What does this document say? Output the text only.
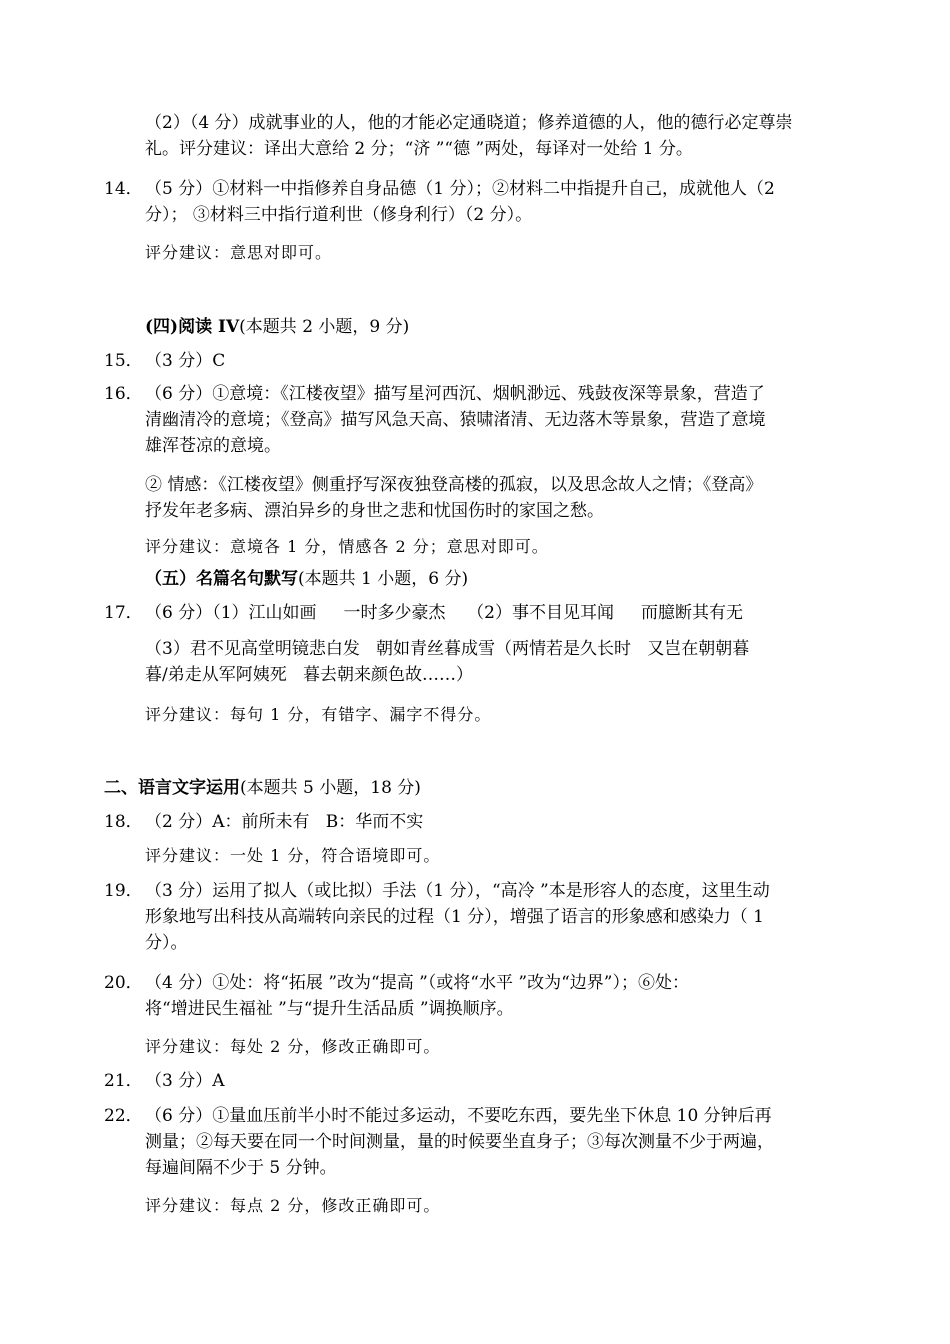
（2）（4 分）成就事业的人，他的才能必定通晓道；修养道德的人，他的德行必定尊崇
礼。评分建议：译出大意给 2 分；“济 ”“德 ”两处，每译对一处给 1 分。
14． （5 分）①材料一中指修养自身品德（1 分）；②材料二中指提升自己，成就他人（2
分）； ③材料三中指行道利世（修身利行）（2 分）。
评分建议：意思对即可。
(四)阅读 IV(本题共 2 小题，9 分)
15． （3 分）C
16． （6 分）①意境：《江楼夜望》描写星河西沉、烟帆渺远、残鼓夜深等景象，营造了
清幽清冷的意境；《登高》描写风急天高、猿啸渚清、无边落木等景象，营造了意境
雄浑苍凉的意境。
② 情感：《江楼夜望》侧重抒写深夜独登高楼的孤寂，以及思念故人之情；《登高》
抒发年老多病、漂泊异乡的身世之悲和忧国伤时的家国之愁。
评分建议：意境各 1 分，情感各 2 分；意思对即可。
（五）名篇名句默写(本题共 1 小题，6 分)
17． （6 分）（1）江山如画     一时多少豪杰    （2）事不目见耳闻     而臆断其有无
（3）君不见高堂明镜悲白发   朝如青丝暮成雪（两情若是久长时   又岂在朝朝暮
暮/弟走从军阿姨死   暮去朝来颜色故……）
评分建议：每句 1 分，有错字、漏字不得分。
二、语言文字运用(本题共 5 小题，18 分)
18． （2 分）A：前所未有   B：华而不实
评分建议：一处 1 分，符合语境即可。
19． （3 分）运用了拟人（或比拟）手法（1 分），“高冷 ”本是形容人的态度，这里生动
形象地写出科技从高端转向亲民的过程（1 分），增强了语言的形象感和感染力（ 1
分）。
20． （4 分）①处：将“拓展 ”改为“提高 ”（或将“水平 ”改为“边界”）；⑥处：
将“增进民生福祉 ”与“提升生活品质 ”调换顺序。
评分建议：每处 2 分，修改正确即可。
21． （3 分）A
22． （6 分）①量血压前半小时不能过多运动，不要吃东西，要先坐下休息 10 分钟后再
测量；②每天要在同一个时间测量，量的时候要坐直身子；③每次测量不少于两遍，
每遍间隔不少于 5 分钟。
评分建议：每点 2 分，修改正确即可。
